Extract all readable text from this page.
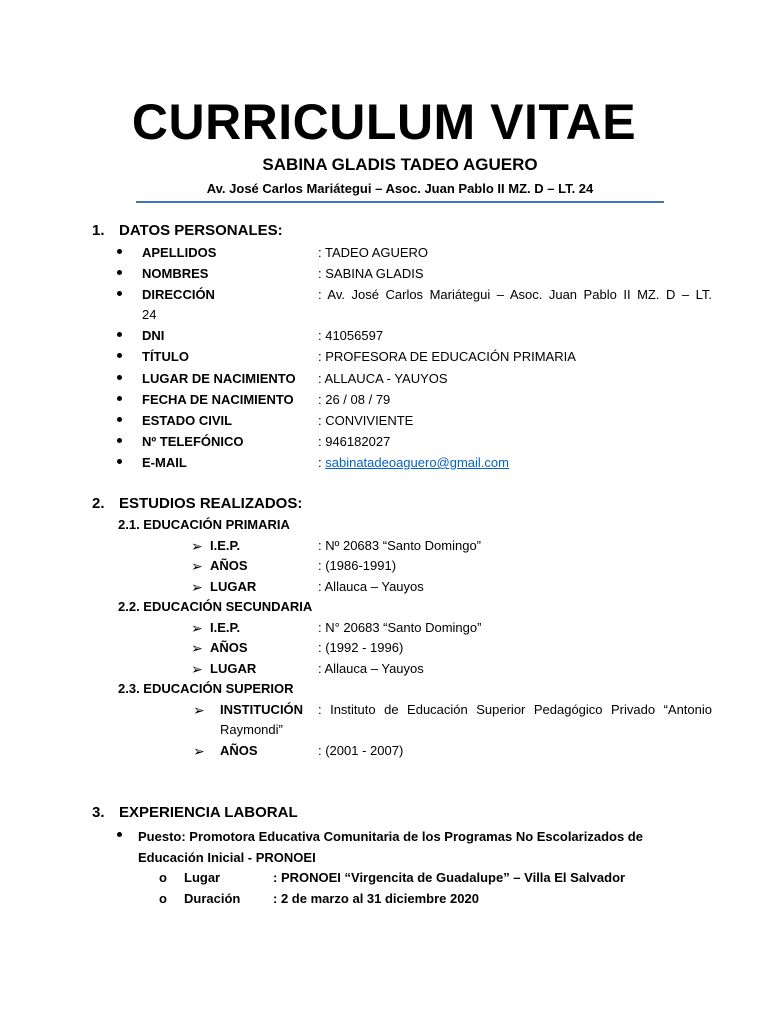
CURRICULUM VITAE
SABINA GLADIS TADEO AGUERO
Av. José Carlos Mariátegui – Asoc. Juan Pablo II MZ. D – LT. 24
1. DATOS PERSONALES:
APELLIDOS	: TADEO AGUERO
NOMBRES	: SABINA GLADIS
DIRECCIÓN	: Av. José Carlos Mariátegui – Asoc. Juan Pablo II MZ. D – LT.
24
DNI	: 41056597
TÍTULO	: PROFESORA DE EDUCACIÓN PRIMARIA
LUGAR DE NACIMIENTO : ALLAUCA - YAUYOS
FECHA DE NACIMIENTO : 26 / 08 / 79
ESTADO CIVIL	: CONVIVIENTE
Nº TELEFÓNICO	: 946182027
E-MAIL	: sabinatadeoaguero@gmail.com
2. ESTUDIOS REALIZADOS:
2.1. EDUCACIÓN PRIMARIA
➢ I.E.P.	: Nº 20683 “Santo Domingo”
➢ AÑOS	: (1986-1991)
➢ LUGAR	: Allauca – Yauyos
2.2. EDUCACIÓN SECUNDARIA
➢ I.E.P.	: N° 20683 “Santo Domingo”
➢ AÑOS	: (1992 - 1996)
➢ LUGAR	: Allauca – Yauyos
2.3. EDUCACIÓN SUPERIOR
➢ INSTITUCIÓN : Instituto de Educación Superior Pedagógico Privado “Antonio
Raymondi”
➢ AÑOS	: (2001 - 2007)
3. EXPERIENCIA LABORAL
Puesto: Promotora Educativa Comunitaria de los Programas No Escolarizados de
Educación Inicial - PRONOEI
o Lugar	: PRONOEI “Virgencita de Guadalupe” – Villa El Salvador
o Duración	: 2 de marzo al 31 diciembre 2020
